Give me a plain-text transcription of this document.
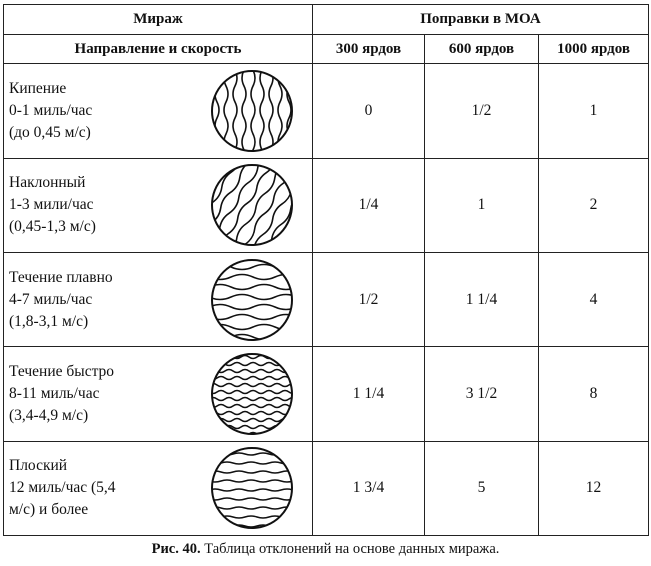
Мираж		Поправки в МОА		
Направление и скорость		300 ярдов	600 ярдов	1000 ярдов

Кипение
0-1 миль/час
(до 0,45 м/с)		0	1/2	1

Наклонный
1-3 мили/час
(0,45-1,3 м/с)		1/4	1	2

Течение плавно
4-7 миль/час
(1,8-3,1 м/с)		1/2	1 1/4	4

Течение быстро
8-11 миль/час
(3,4-4,9 м/с)		1 1/4	3 1/2	8

Плоский
12 миль/час (5,4
м/с) и более		1 3/4	5	12
Рис. 40. Таблица отклонений на основе данных миража.
